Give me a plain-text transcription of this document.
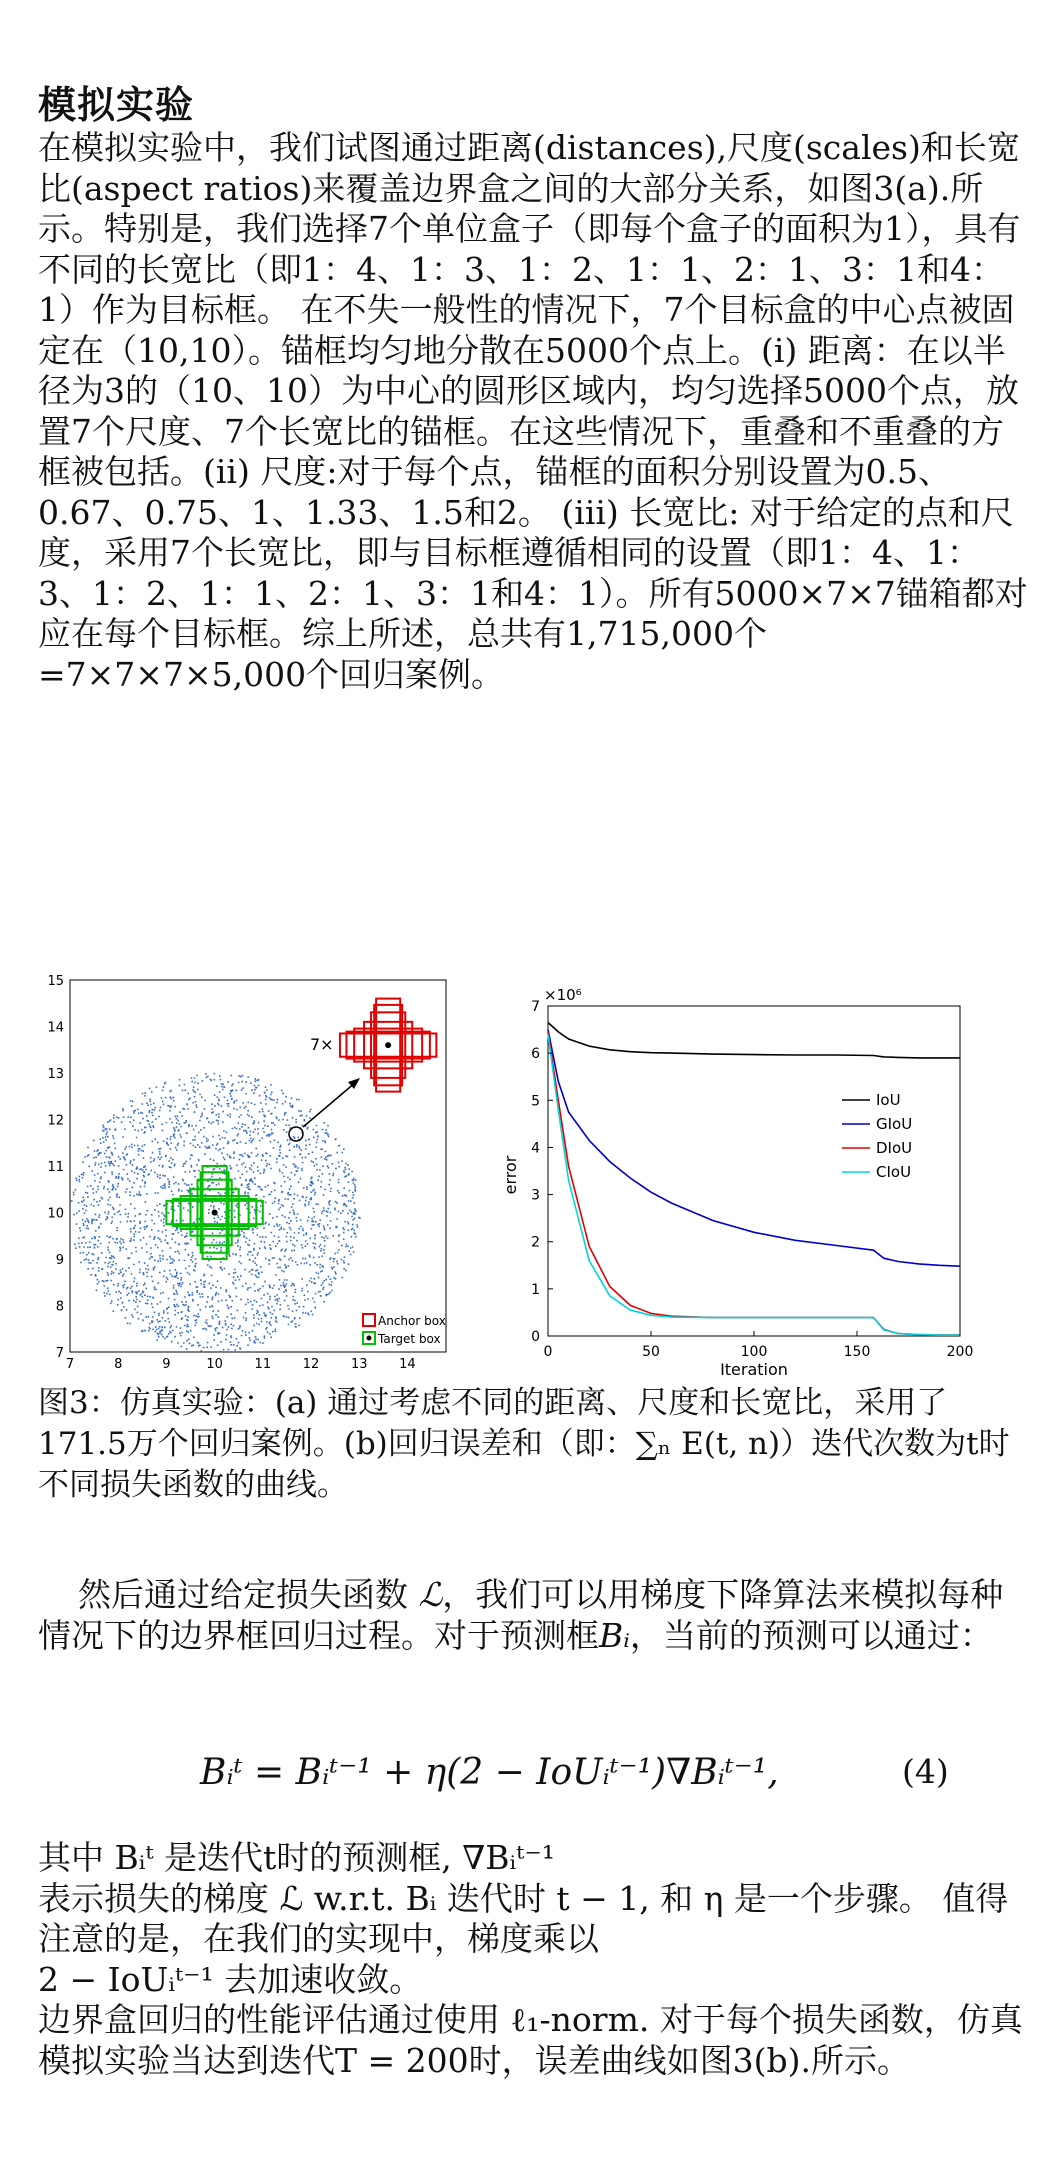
模拟实验
在模拟实验中，我们试图通过距离(distances),尺度(scales)和长宽比(aspect ratios)来覆盖边界盒之间的大部分关系，如图3(a).所示。特别是，我们选择7个单位盒子（即每个盒子的面积为1），具有不同的长宽比（即1：4、1：3、1：2、1：1、2：1、3：1和4：1）作为目标框。 在不失一般性的情况下，7个目标盒的中心点被固定在（10,10）。锚框均匀地分散在5000个点上。(i) 距离：在以半径为3的（10、10）为中心的圆形区域内，均匀选择5000个点，放置7个尺度、7个长宽比的锚框。在这些情况下，重叠和不重叠的方框被包括。(ii) 尺度:对于每个点，锚框的面积分别设置为0.5、0.67、0.75、1、1.33、1.5和2。 (iii) 长宽比: 对于给定的点和尺度，采用7个长宽比，即与目标框遵循相同的设置（即1：4、1：3、1：2、1：1、2：1、3：1和4：1）。所有5000×7×7锚箱都对应在每个目标框。综上所述，总共有1,715,000个=7×7×7×5,000个回归案例。
7×
7	8	9	10 11 12 13 14
7
8
9
10
11
12
13
14
15
Anchor box
Target box
0	50	100	150	200
0
1
2
3
4
5
6
7
×10⁶
error
Iteration
IoU
GIoU
DIoU
CIoU
图3：仿真实验：(a) 通过考虑不同的距离、尺度和长宽比，采用了171.5万个回归案例。(b)回归误差和（即：∑ₙ E(t, n)）迭代次数为t时不同损失函数的曲线。
然后通过给定损失函数 ℒ，我们可以用梯度下降算法来模拟每种情况下的边界框回归过程。对于预测框Bᵢ，当前的预测可以通过：
Bᵢᵗ = Bᵢᵗ⁻¹ + η(2 − IoUᵢᵗ⁻¹)∇Bᵢᵗ⁻¹,	(4)
其中 Bᵢᵗ 是迭代t时的预测框, ∇Bᵢᵗ⁻¹
表示损失的梯度 ℒ w.r.t. Bᵢ 迭代时 t − 1, 和 η 是一个步骤。 值得注意的是，在我们的实现中，梯度乘以
2 − IoUᵢᵗ⁻¹ 去加速收敛。
边界盒回归的性能评估通过使用 ℓ₁-norm. 对于每个损失函数，仿真模拟实验当达到迭代T = 200时，误差曲线如图3(b).所示。
